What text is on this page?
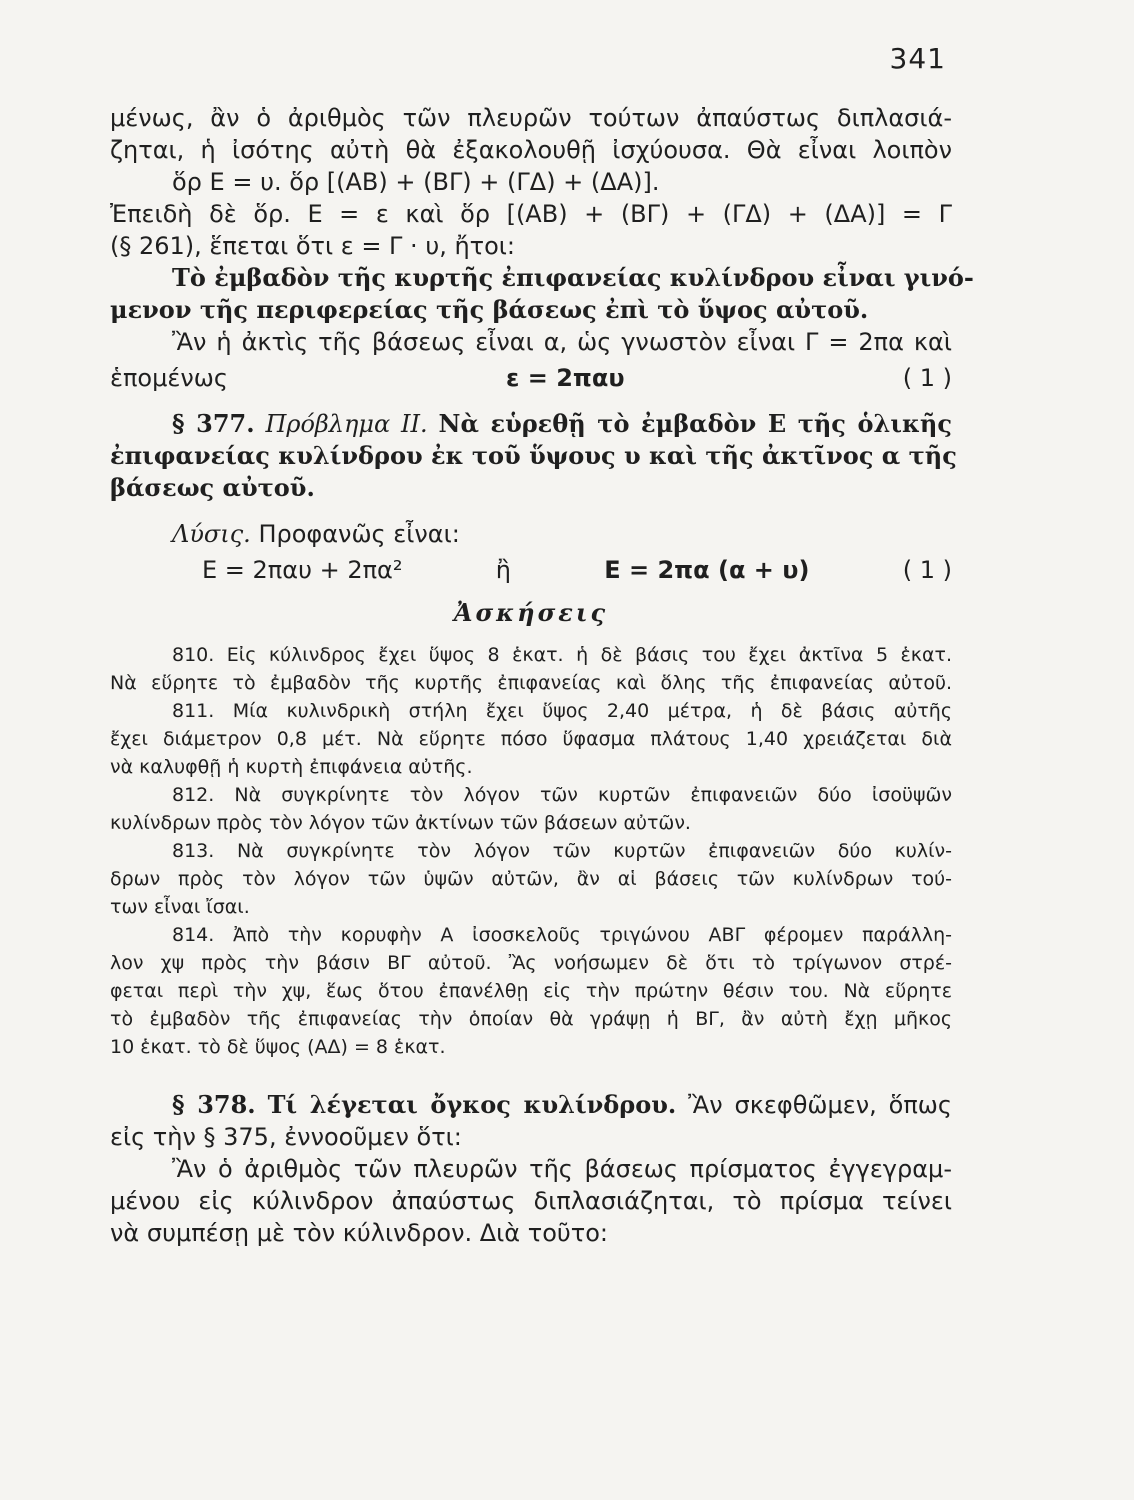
341
μένως, ἂν ὁ ἀριθμὸς τῶν πλευρῶν τούτων ἀπαύστως διπλασιά-
ζηται, ἡ ἰσότης αὐτὴ θὰ ἐξακολουθῇ ἰσχύουσα. Θὰ εἶναι λοιπὸν
ὅρ Ε = υ. ὅρ [(ΑΒ) + (ΒΓ) + (ΓΔ) + (ΔΑ)].
Ἐπειδὴ δὲ ὅρ. Ε = ε καὶ ὅρ [(ΑΒ) + (ΒΓ) + (ΓΔ) + (ΔΑ)] = Γ
(§ 261), ἕπεται ὅτι ε = Γ · υ, ἤτοι:
Τὸ ἐμβαδὸν τῆς κυρτῆς ἐπιφανείας κυλίνδρου εἶναι γινό-
μενον τῆς περιφερείας τῆς βάσεως ἐπὶ τὸ ὕψος αὐτοῦ.
Ἂν ἡ ἀκτὶς τῆς βάσεως εἶναι α, ὡς γνωστὸν εἶναι Γ = 2πα καὶ
ἑπομένως	ε = 2παυ	( 1 )
§ 377. Πρόβλημα ΙΙ. Νὰ εὑρεθῇ τὸ ἐμβαδὸν Ε τῆς ὁλικῆς
ἐπιφανείας κυλίνδρου ἐκ τοῦ ὕψους υ καὶ τῆς ἀκτῖνος α τῆς
βάσεως αὐτοῦ.
Λύσις. Προφανῶς εἶναι:
Ε = 2παυ + 2πα²	ἢ	Ε = 2πα (α + υ)	( 1 )
Ἀσκήσεις
810. Εἰς κύλινδρος ἔχει ὕψος 8 ἑκατ. ἡ δὲ βάσις του ἔχει ἀκτῖνα 5 ἑκατ.
Νὰ εὕρητε τὸ ἐμβαδὸν τῆς κυρτῆς ἐπιφανείας καὶ ὅλης τῆς ἐπιφανείας αὐτοῦ.
811. Μία κυλινδρικὴ στήλη ἔχει ὕψος 2,40 μέτρα, ἡ δὲ βάσις αὐτῆς
ἔχει διάμετρον 0,8 μέτ. Νὰ εὕρητε πόσο ὕφασμα πλάτους 1,40 χρειάζεται διὰ
νὰ καλυφθῇ ἡ κυρτὴ ἐπιφάνεια αὐτῆς.
812. Νὰ συγκρίνητε τὸν λόγον τῶν κυρτῶν ἐπιφανειῶν δύο ἰσοϋψῶν
κυλίνδρων πρὸς τὸν λόγον τῶν ἀκτίνων τῶν βάσεων αὐτῶν.
813. Νὰ συγκρίνητε τὸν λόγον τῶν κυρτῶν ἐπιφανειῶν δύο κυλίν-
δρων πρὸς τὸν λόγον τῶν ὑψῶν αὐτῶν, ἂν αἱ βάσεις τῶν κυλίνδρων τού-
των εἶναι ἴσαι.
814. Ἀπὸ τὴν κορυφὴν Α ἰσοσκελοῦς τριγώνου ΑΒΓ φέρομεν παράλλη-
λον χψ πρὸς τὴν βάσιν ΒΓ αὐτοῦ. Ἂς νοήσωμεν δὲ ὅτι τὸ τρίγωνον στρέ-
φεται περὶ τὴν χψ, ἕως ὅτου ἐπανέλθῃ εἰς τὴν πρώτην θέσιν του. Νὰ εὕρητε
τὸ ἐμβαδὸν τῆς ἐπιφανείας τὴν ὁποίαν θὰ γράψῃ ἡ ΒΓ, ἂν αὐτὴ ἔχῃ μῆκος
10 ἑκατ. τὸ δὲ ὕψος (ΑΔ) = 8 ἑκατ.
§ 378. Τί λέγεται ὄγκος κυλίνδρου. Ἂν σκεφθῶμεν, ὅπως
εἰς τὴν § 375, ἐννοοῦμεν ὅτι:
Ἂν ὁ ἀριθμὸς τῶν πλευρῶν τῆς βάσεως πρίσματος ἐγγεγραμ-
μένου εἰς κύλινδρον ἀπαύστως διπλασιάζηται, τὸ πρίσμα τείνει
νὰ συμπέσῃ μὲ τὸν κύλινδρον. Διὰ τοῦτο:
